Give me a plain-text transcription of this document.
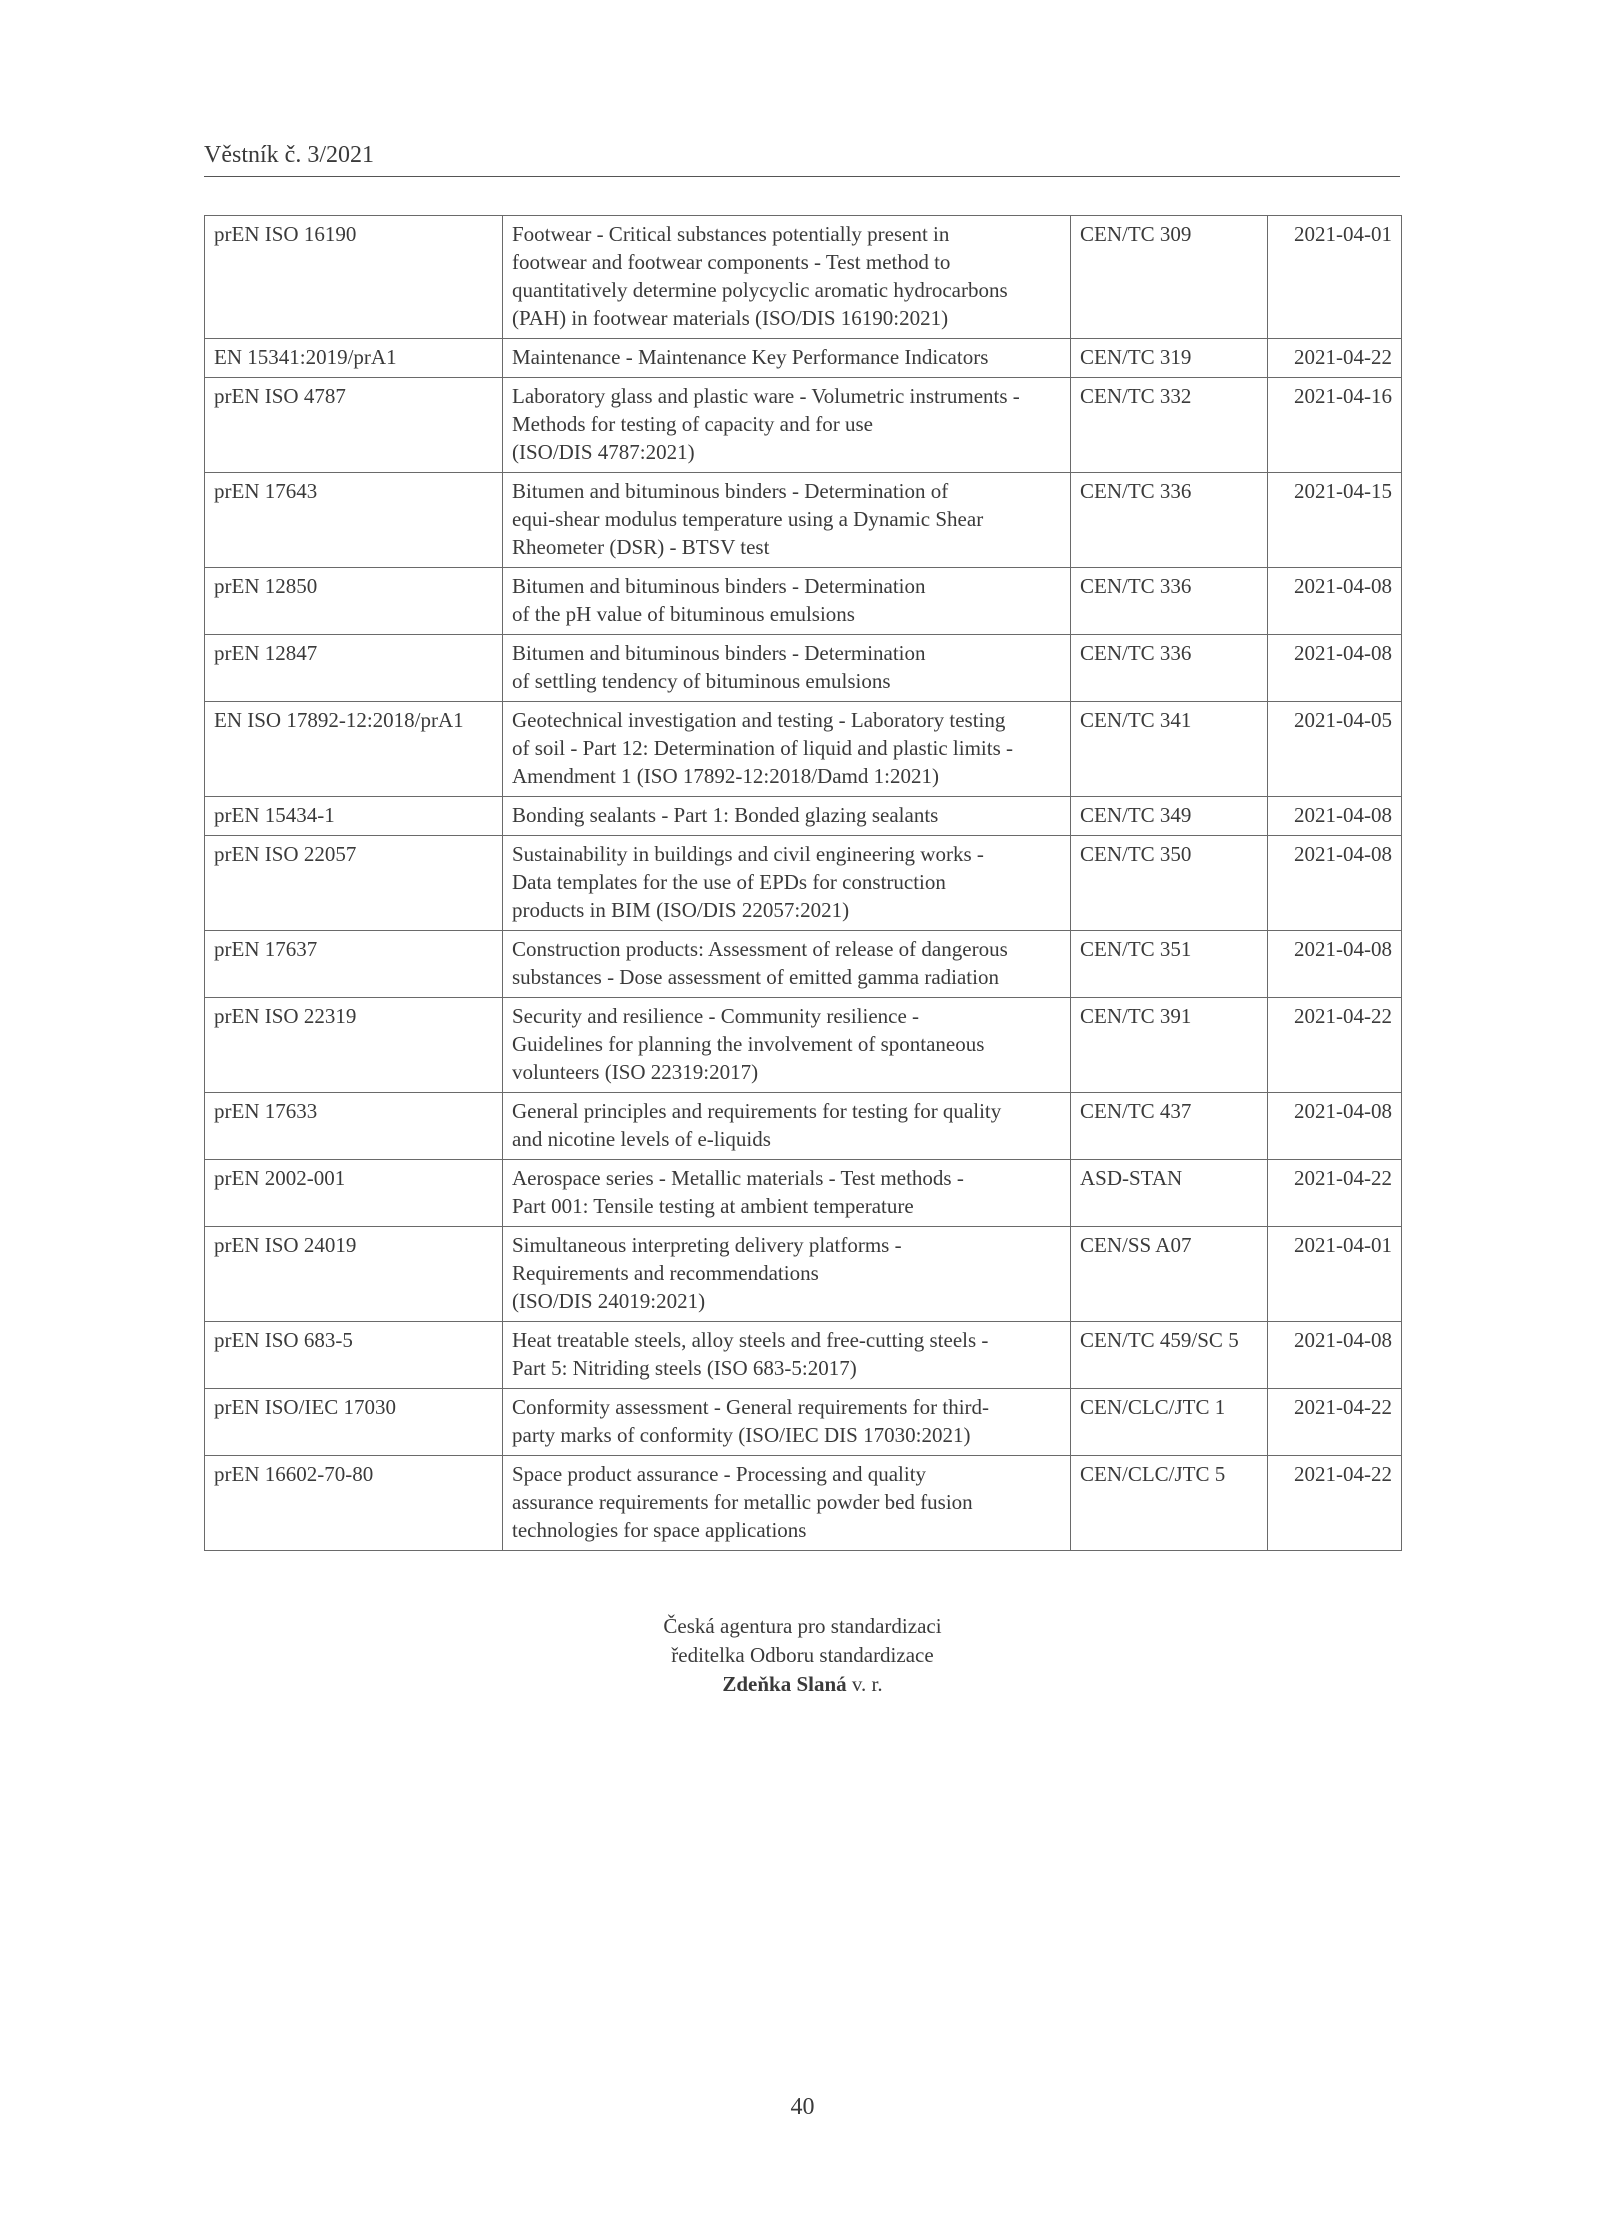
Věstník č. 3/2021
prEN ISO 16190	Footwear - Critical substances potentially present in
footwear and footwear components - Test method to
quantitatively determine polycyclic aromatic hydrocarbons
(PAH) in footwear materials (ISO/DIS 16190:2021)	CEN/TC 309	2021-04-01
EN 15341:2019/prA1	Maintenance - Maintenance Key Performance Indicators	CEN/TC 319	2021-04-22
prEN ISO 4787	Laboratory glass and plastic ware - Volumetric instruments -
Methods for testing of capacity and for use
(ISO/DIS 4787:2021)	CEN/TC 332	2021-04-16
prEN 17643	Bitumen and bituminous binders - Determination of
equi-shear modulus temperature using a Dynamic Shear
Rheometer (DSR) - BTSV test	CEN/TC 336	2021-04-15
prEN 12850	Bitumen and bituminous binders - Determination
of the pH value of bituminous emulsions	CEN/TC 336	2021-04-08
prEN 12847	Bitumen and bituminous binders - Determination
of settling tendency of bituminous emulsions	CEN/TC 336	2021-04-08
EN ISO 17892-12:2018/prA1	Geotechnical investigation and testing - Laboratory testing
of soil - Part 12: Determination of liquid and plastic limits -
Amendment 1 (ISO 17892-12:2018/Damd 1:2021)	CEN/TC 341	2021-04-05
prEN 15434-1	Bonding sealants - Part 1: Bonded glazing sealants	CEN/TC 349	2021-04-08
prEN ISO 22057	Sustainability in buildings and civil engineering works -
Data templates for the use of EPDs for construction
products in BIM (ISO/DIS 22057:2021)	CEN/TC 350	2021-04-08
prEN 17637	Construction products: Assessment of release of dangerous
substances - Dose assessment of emitted gamma radiation	CEN/TC 351	2021-04-08
prEN ISO 22319	Security and resilience - Community resilience -
Guidelines for planning the involvement of spontaneous
volunteers (ISO 22319:2017)	CEN/TC 391	2021-04-22
prEN 17633	General principles and requirements for testing for quality
and nicotine levels of e-liquids	CEN/TC 437	2021-04-08
prEN 2002-001	Aerospace series - Metallic materials - Test methods -
Part 001: Tensile testing at ambient temperature	ASD-STAN	2021-04-22
prEN ISO 24019	Simultaneous interpreting delivery platforms -
Requirements and recommendations
(ISO/DIS 24019:2021)	CEN/SS A07	2021-04-01
prEN ISO 683-5	Heat treatable steels, alloy steels and free-cutting steels -
Part 5: Nitriding steels (ISO 683-5:2017)	CEN/TC 459/SC 5	2021-04-08
prEN ISO/IEC 17030	Conformity assessment - General requirements for third-
party marks of conformity (ISO/IEC DIS 17030:2021)	CEN/CLC/JTC 1	2021-04-22
prEN 16602-70-80	Space product assurance - Processing and quality
assurance requirements for metallic powder bed fusion
technologies for space applications	CEN/CLC/JTC 5	2021-04-22
Česká agentura pro standardizaci
ředitelka Odboru standardizace
Zdeňka Slaná v. r.
40
